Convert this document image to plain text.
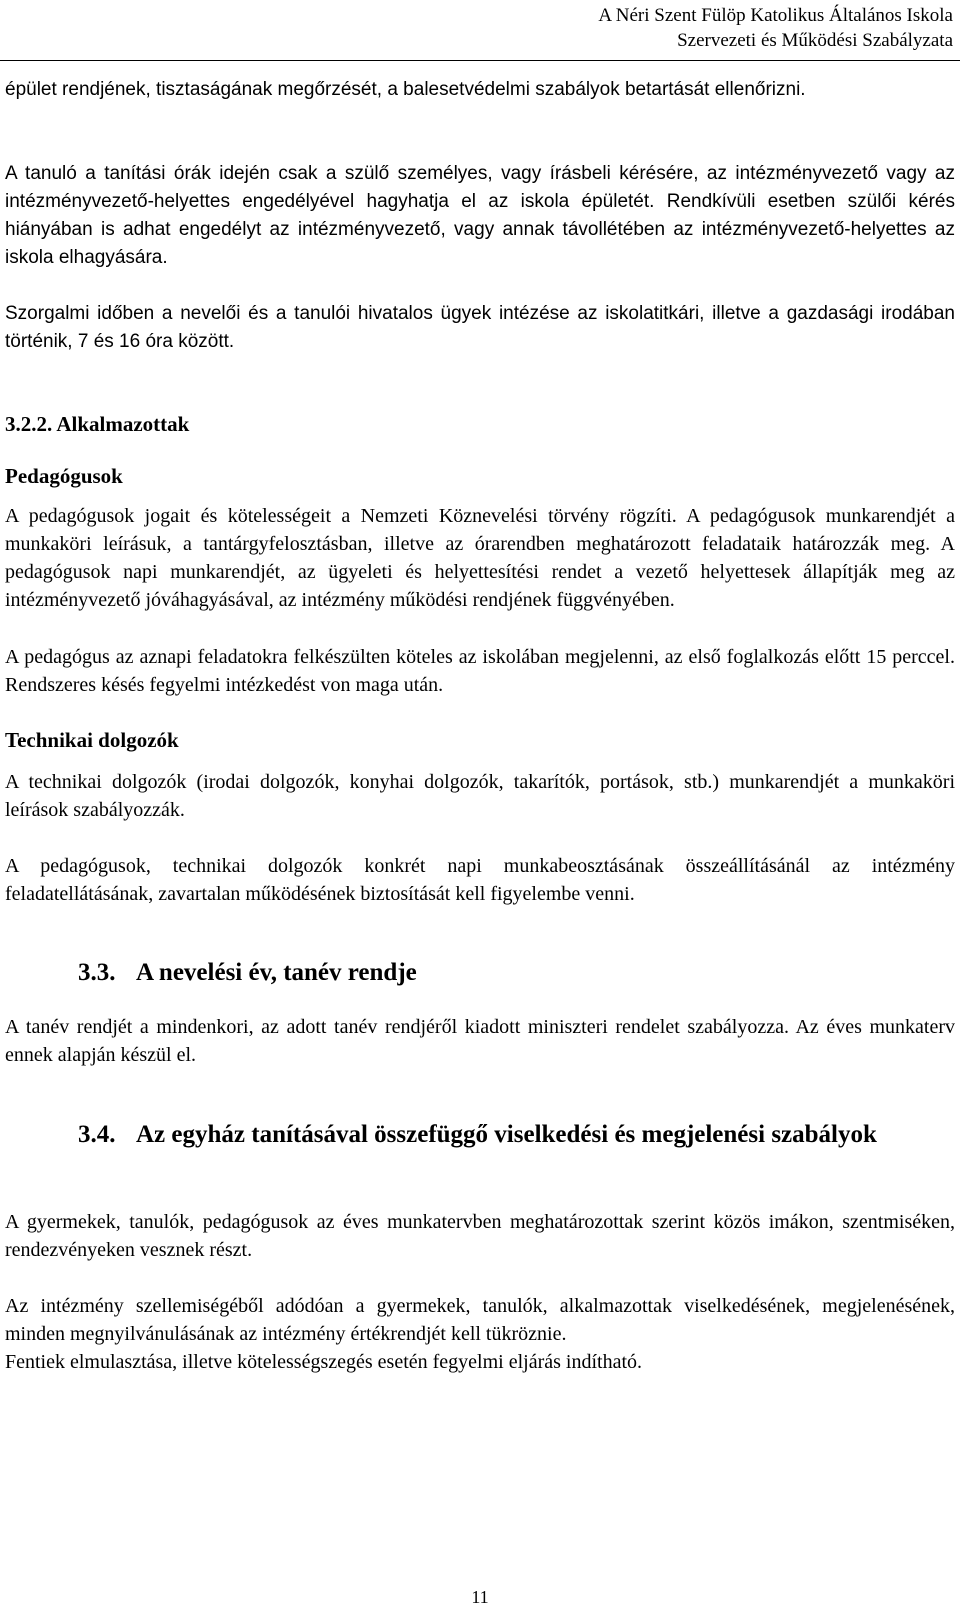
A Néri Szent Fülöp Katolikus Általános Iskola
Szervezeti és Működési Szabályzata

épület rendjének, tisztaságának megőrzését, a balesetvédelmi szabályok betartását ellenőrizni.

A tanuló a tanítási órák idején csak a szülő személyes, vagy írásbeli kérésére, az intézményvezető vagy az intézményvezető-helyettes engedélyével hagyhatja el az iskola épületét. Rendkívüli esetben szülői kérés hiányában is adhat engedélyt az intézményvezető, vagy annak távollétében az intézményvezető-helyettes az iskola elhagyására.

Szorgalmi időben a nevelői és a tanulói hivatalos ügyek intézése az iskolatitkári, illetve a gazdasági irodában történik, 7 és 16 óra között.

3.2.2. Alkalmazottak
Pedagógusok

A pedagógusok jogait és kötelességeit a Nemzeti Köznevelési törvény rögzíti. A pedagógusok munkarendjét a munkaköri leírásuk, a tantárgyfelosztásban, illetve az órarendben meghatározott feladataik határozzák meg. A pedagógusok napi munkarendjét, az ügyeleti és helyettesítési rendet a vezető helyettesek állapítják meg az intézményvezető jóváhagyásával, az intézmény működési rendjének függvényében.

A pedagógus az aznapi feladatokra felkészülten köteles az iskolában megjelenni, az első foglalkozás előtt 15 perccel. Rendszeres késés fegyelmi intézkedést von maga után.

Technikai dolgozók

A technikai dolgozók (irodai dolgozók, konyhai dolgozók, takarítók, portások, stb.) munkarendjét a munkaköri leírások szabályozzák.

A pedagógusok, technikai dolgozók konkrét napi munkabeosztásának összeállításánál az intézmény feladatellátásának, zavartalan működésének biztosítását kell figyelembe venni.

3.3. A nevelési év, tanév rendje

A tanév rendjét a mindenkori, az adott tanév rendjéről kiadott miniszteri rendelet szabályozza. Az éves munkaterv ennek alapján készül el.

3.4. Az egyház tanításával összefüggő viselkedési és megjelenési szabályok

A gyermekek, tanulók, pedagógusok az éves munkatervben meghatározottak szerint közös imákon, szentmiséken, rendezvényeken vesznek részt.

Az intézmény szellemiségéből adódóan a gyermekek, tanulók, alkalmazottak viselkedésének, megjelenésének, minden megnyilvánulásának az intézmény értékrendjét kell tükröznie.

Fentiek elmulasztása, illetve kötelességszegés esetén fegyelmi eljárás indítható.

11
